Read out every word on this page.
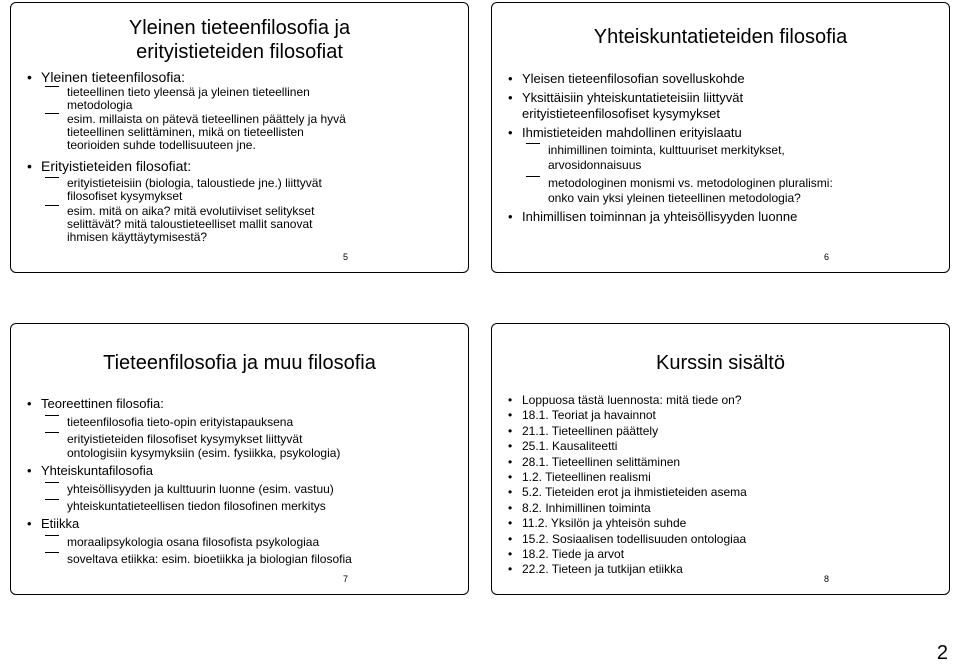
Yleinen tieteenfilosofia ja
erityistieteiden filosofiat
• Yleinen tieteenfilosofia:
tieteellinen tieto yleensä ja yleinen tieteellinen
metodologia
esim. millaista on pätevä tieteellinen päättely ja hyvä
tieteellinen selittäminen, mikä on tieteellisten
teorioiden suhde todellisuuteen jne.
• Erityistieteiden filosofiat:
erityistieteisiin (biologia, taloustiede jne.) liittyvät
filosofiset kysymykset
esim. mitä on aika? mitä evolutiiviset selitykset
selittävät? mitä taloustieteelliset mallit sanovat
ihmisen käyttäytymisestä?
5
Yhteiskuntatieteiden filosofia
• Yleisen tieteenfilosofian sovelluskohde
• Yksittäisiin yhteiskuntatieteisiin liittyvät
erityistieteenfilosofiset kysymykset
• Ihmistieteiden mahdollinen erityislaatu
inhimillinen toiminta, kulttuuriset merkitykset,
arvosidonnaisuus
metodologinen monismi vs. metodologinen pluralismi:
onko vain yksi yleinen tieteellinen metodologia?
• Inhimillisen toiminnan ja yhteisöllisyyden luonne
6
Tieteenfilosofia ja muu filosofia
• Teoreettinen filosofia:
tieteenfilosofia tieto-opin erityistapauksena
erityistieteiden filosofiset kysymykset liittyvät
ontologisiin kysymyksiin (esim. fysiikka, psykologia)
• Yhteiskuntafilosofia
yhteisöllisyyden ja kulttuurin luonne (esim. vastuu)
yhteiskuntatieteellisen tiedon filosofinen merkitys
• Etiikka
moraalipsykologia osana filosofista psykologiaa
soveltava etiikka: esim. bioetiikka ja biologian filosofia
7
Kurssin sisältö
• Loppuosa tästä luennosta: mitä tiede on?
• 18.1. Teoriat ja havainnot
• 21.1. Tieteellinen päättely
• 25.1. Kausaliteetti
• 28.1. Tieteellinen selittäminen
• 1.2. Tieteellinen realismi
• 5.2. Tieteiden erot ja ihmistieteiden asema
• 8.2. Inhimillinen toiminta
• 11.2. Yksilön ja yhteisön suhde
• 15.2. Sosiaalisen todellisuuden ontologiaa
• 18.2. Tiede ja arvot
• 22.2. Tieteen ja tutkijan etiikka
8
2
